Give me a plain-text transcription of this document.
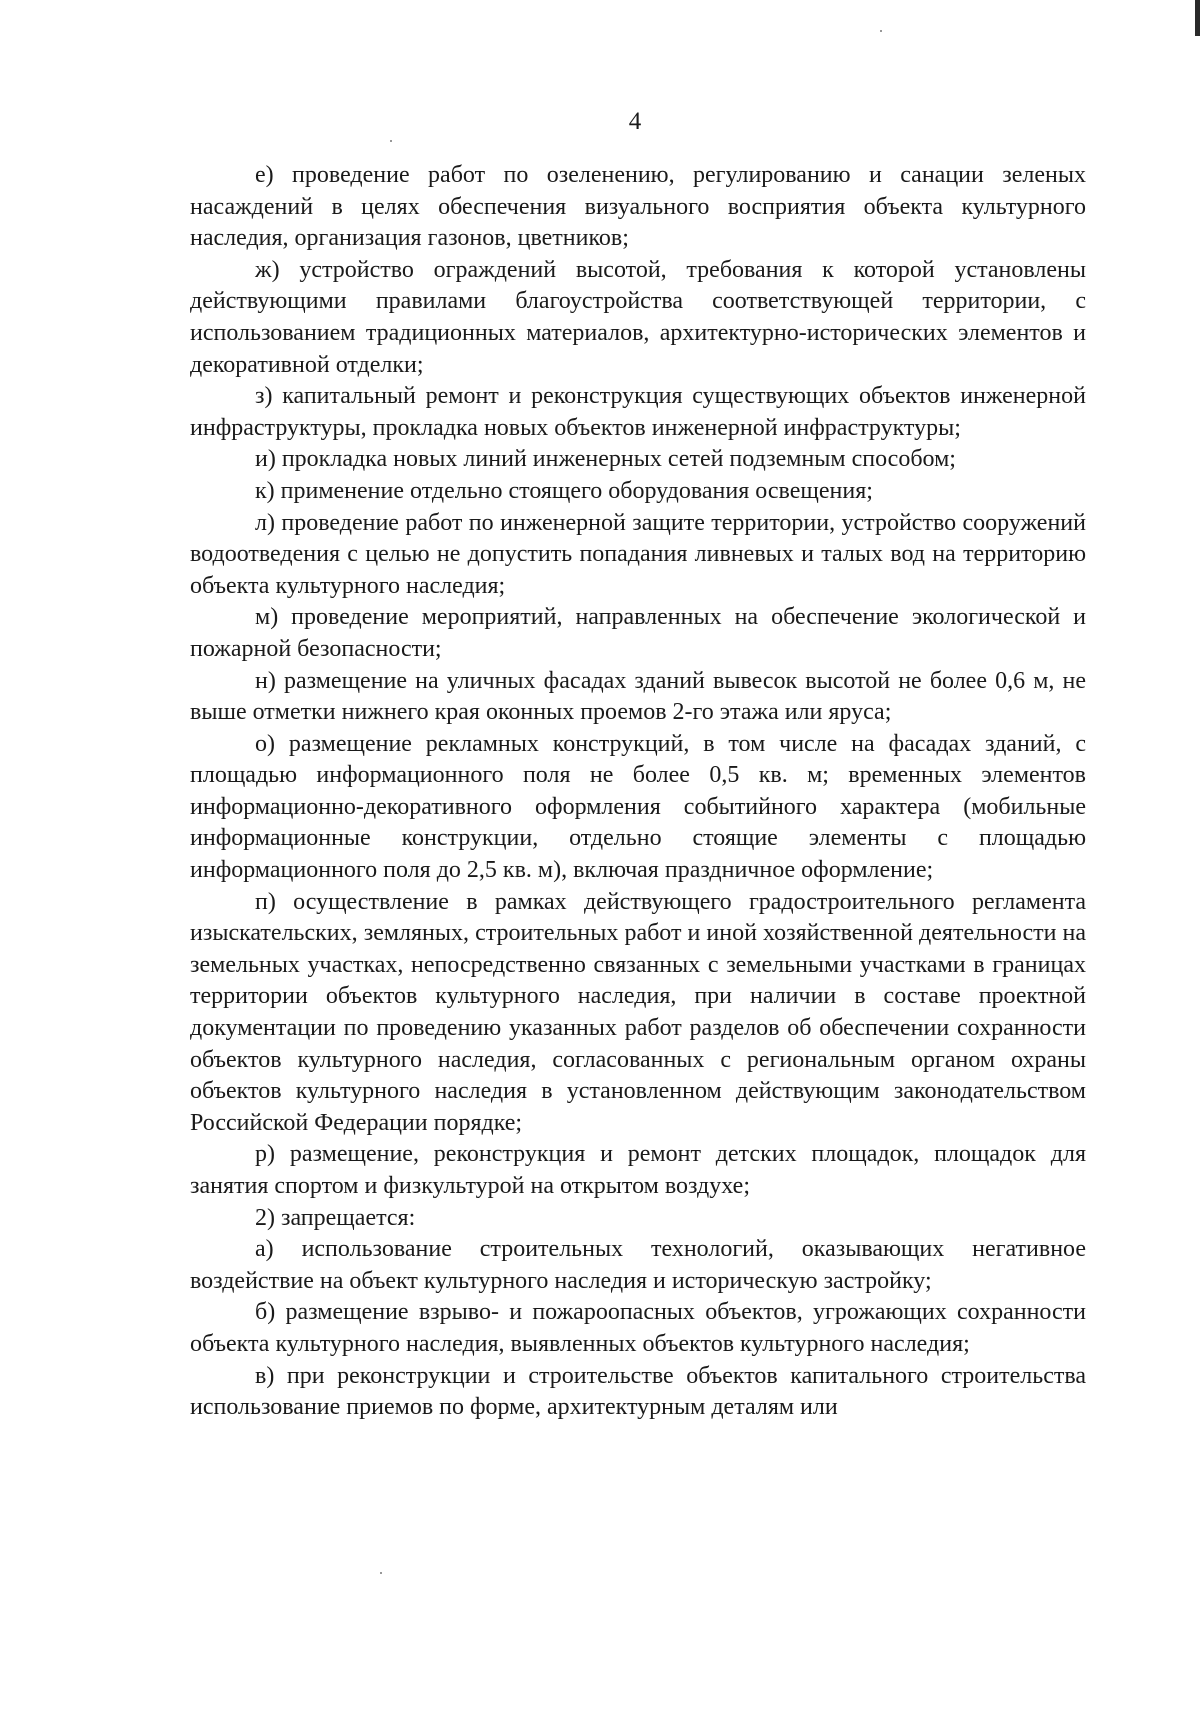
4

е) проведение работ по озеленению, регулированию и санации зеленых насаждений в целях обеспечения визуального восприятия объекта культурного наследия, организация газонов, цветников;

ж) устройство ограждений высотой, требования к которой установлены действующими правилами благоустройства соответствующей территории, с использованием традиционных материалов, архитектурно-исторических элементов и декоративной отделки;

з) капитальный ремонт и реконструкция существующих объектов инженерной инфраструктуры, прокладка новых объектов инженерной инфраструктуры;

и) прокладка новых линий инженерных сетей подземным способом;

к) применение отдельно стоящего оборудования освещения;

л) проведение работ по инженерной защите территории, устройство сооружений водоотведения с целью не допустить попадания ливневых и талых вод на территорию объекта культурного наследия;

м) проведение мероприятий, направленных на обеспечение экологической и пожарной безопасности;

н) размещение на уличных фасадах зданий вывесок высотой не более 0,6 м, не выше отметки нижнего края оконных проемов 2-го этажа или яруса;

о) размещение рекламных конструкций, в том числе на фасадах зданий, с площадью информационного поля не более 0,5 кв. м; временных элементов информационно-декоративного оформления событийного характера (мобильные информационные конструкции, отдельно стоящие элементы с площадью информационного поля до 2,5 кв. м), включая праздничное оформление;

п) осуществление в рамках действующего градостроительного регламента изыскательских, земляных, строительных работ и иной хозяйственной деятельности на земельных участках, непосредственно связанных с земельными участками в границах территории объектов культурного наследия, при наличии в составе проектной документации по проведению указанных работ разделов об обеспечении сохранности объектов культурного наследия, согласованных с региональным органом охраны объектов культурного наследия в установленном действующим законодательством Российской Федерации порядке;

р) размещение, реконструкция и ремонт детских площадок, площадок для занятия спортом и физкультурой на открытом воздухе;

2) запрещается:

а) использование строительных технологий, оказывающих негативное воздействие на объект культурного наследия и историческую застройку;

б) размещение взрыво- и пожароопасных объектов, угрожающих сохранности объекта культурного наследия, выявленных объектов культурного наследия;

в) при реконструкции и строительстве объектов капитального строительства использование приемов по форме, архитектурным деталям или
